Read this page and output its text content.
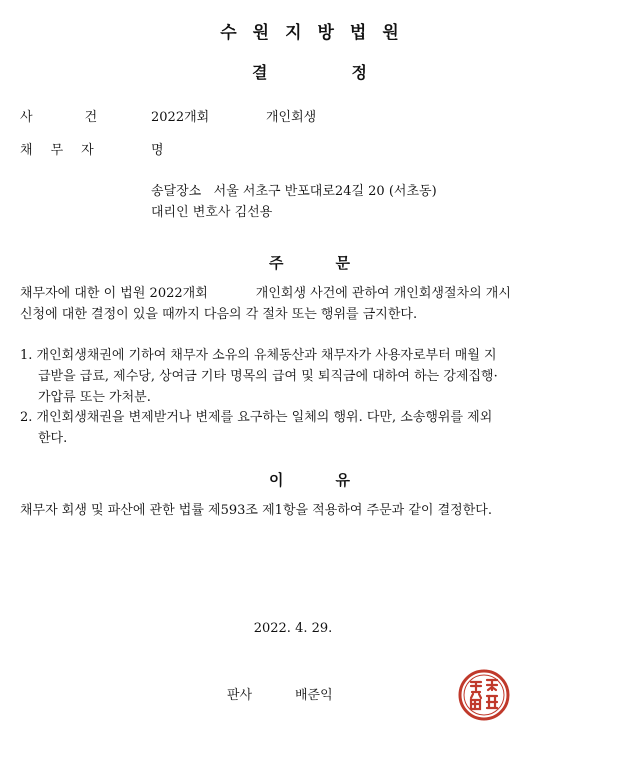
수원지방법원
결	정
사	건	2022개회	개인회생
채 무 자	명
송달장소 서울 서초구 반포대로24길 20 (서초동)
대리인 변호사 김선용
주	문
채무자에 대한 이 법원 2022개회	개인회생 사건에 관하여 개인회생절차의 개시
신청에 대한 결정이 있을 때까지 다음의 각 절차 또는 행위를 금지한다.
1. 개인회생채권에 기하여 채무자 소유의 유체동산과 채무자가 사용자로부터 매월 지
급받을 급료, 제수당, 상여금 기타 명목의 급여 및 퇴직금에 대하여 하는 강제집행·
가압류 또는 가처분.
2. 개인회생채권을 변제받거나 변제를 요구하는 일체의 행위. 다만, 소송행위를 제외
한다.
이	유
채무자 회생 및 파산에 관한 법률 제593조 제1항을 적용하여 주문과 같이 결정한다.
2022. 4. 29.
판사	배준익
